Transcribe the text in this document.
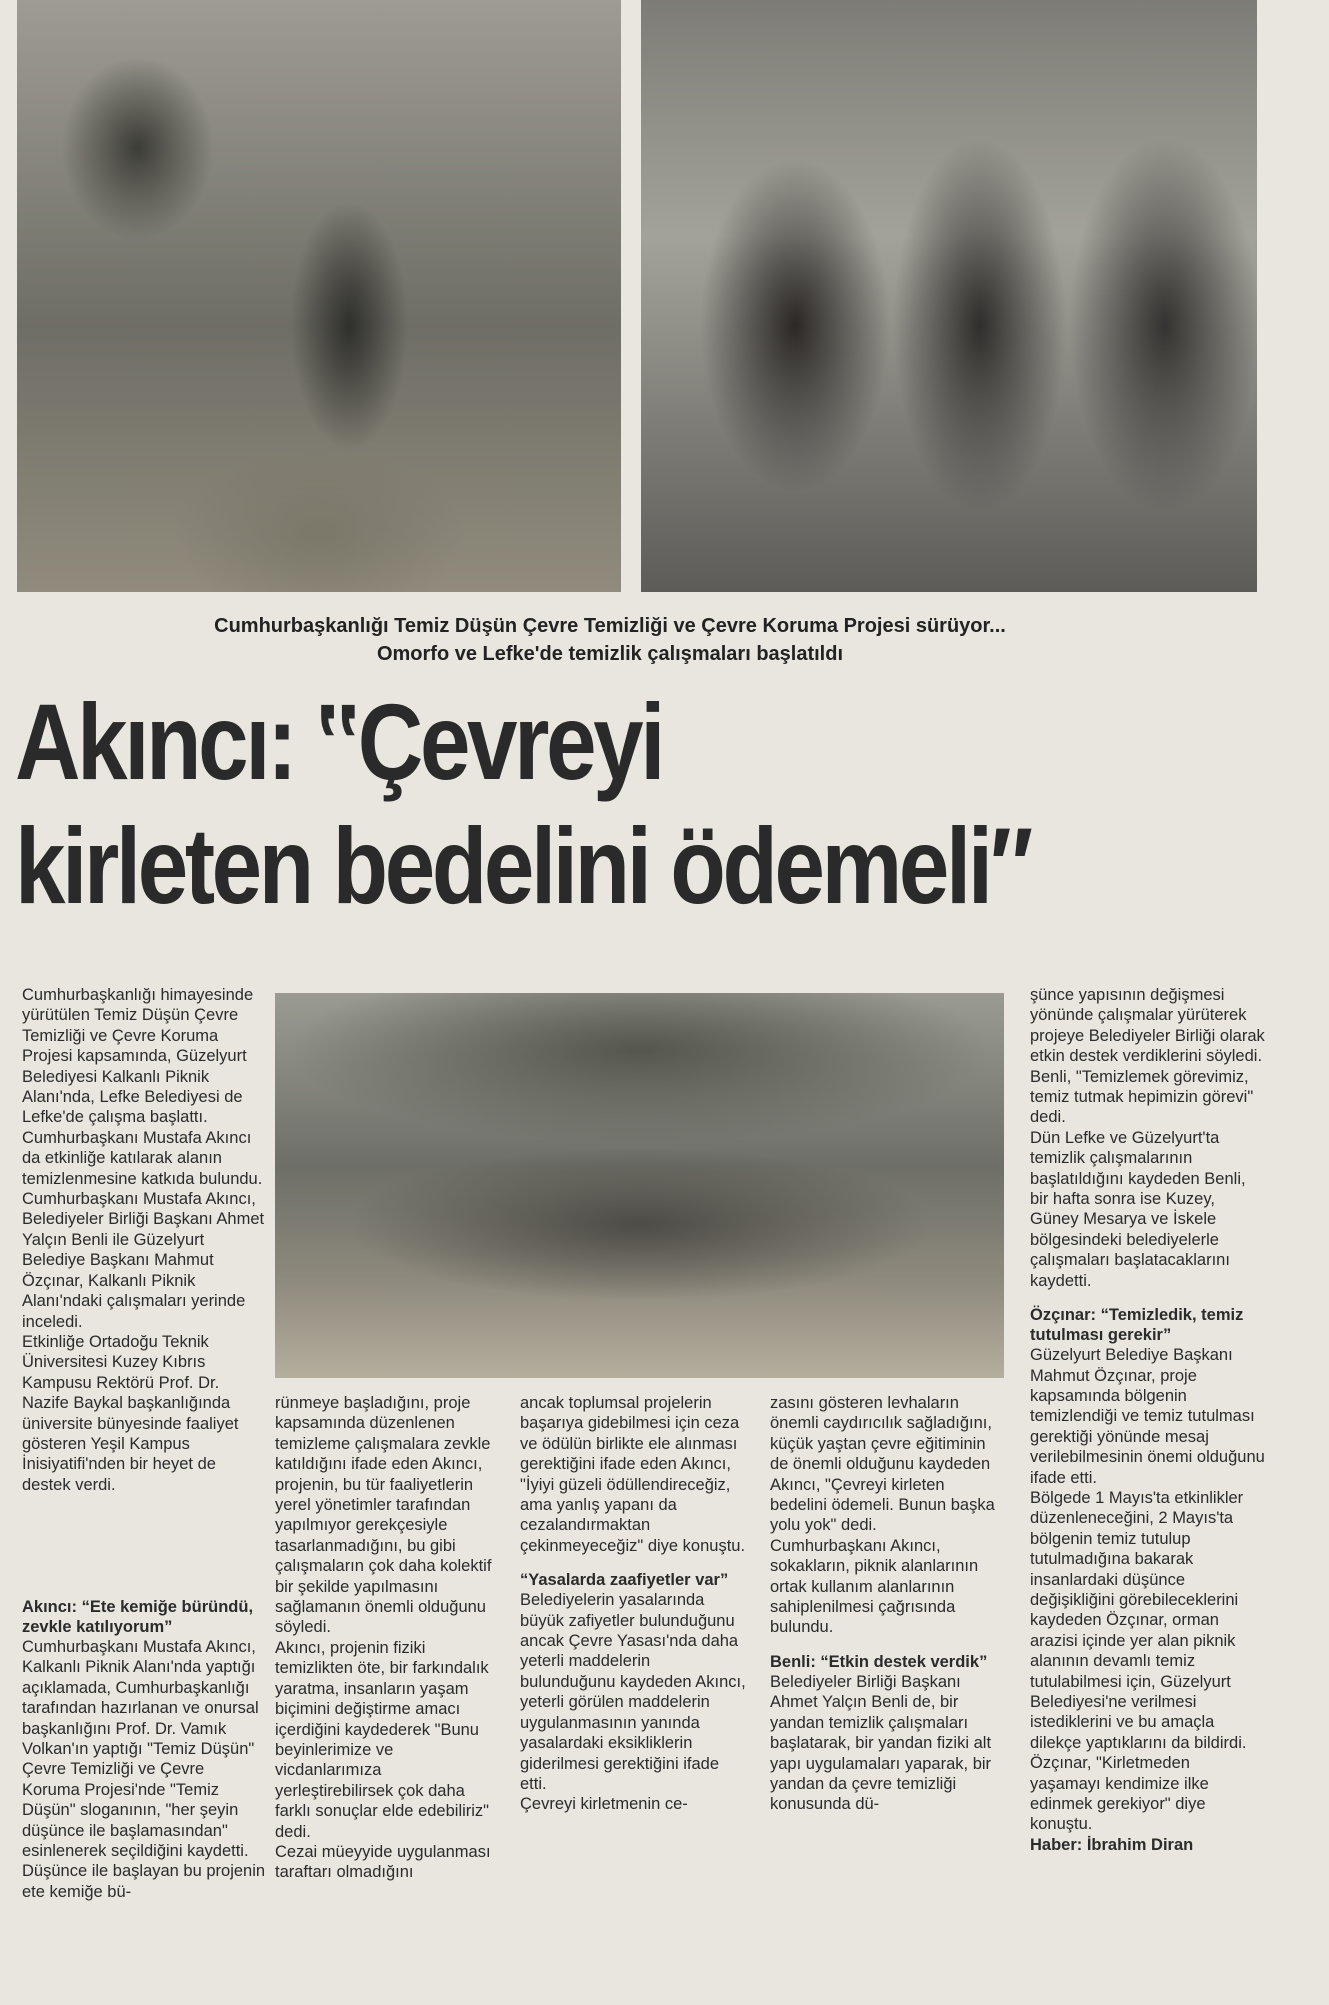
Cumhurbaşkanlığı Temiz Düşün Çevre Temizliği ve Çevre Koruma Projesi sürüyor... Omorfo ve Lefke'de temizlik çalışmaları başlatıldı
Akıncı: ‟Çevreyi
kirleten bedelini ödemeli″

Cumhurbaşkanlığı himayesinde yürütülen Temiz Düşün Çevre Temizliği ve Çevre Koruma Projesi kapsamında, Güzelyurt Belediyesi Kalkanlı Piknik Alanı'nda, Lefke Belediyesi de Lefke'de çalışma başlattı.

Cumhurbaşkanı Mustafa Akıncı da etkinliğe katılarak alanın temizlenmesine katkıda bulundu.

Cumhurbaşkanı Mustafa Akıncı, Belediyeler Birliği Başkanı Ahmet Yalçın Benli ile Güzelyurt Belediye Başkanı Mahmut Özçınar, Kalkanlı Piknik Alanı'ndaki çalışmaları yerinde inceledi.

Etkinliğe Ortadoğu Teknik Üniversitesi Kuzey Kıbrıs Kampusu Rektörü Prof. Dr. Nazife Baykal başkanlığında üniversite bünyesinde faaliyet gösteren Yeşil Kampus İnisiyatifi'nden bir heyet de destek verdi.

Akıncı: “Ete kemiğe büründü, zevkle katılıyorum”

Cumhurbaşkanı Mustafa Akıncı, Kalkanlı Piknik Alanı'nda yaptığı açıklamada, Cumhurbaşkanlığı tarafından hazırlanan ve onursal başkanlığını Prof. Dr. Vamık Volkan'ın yaptığı "Temiz Düşün" Çevre Temizliği ve Çevre Koruma Projesi'nde "Temiz Düşün" sloganının, "her şeyin düşünce ile başlamasından" esinlenerek seçildiğini kaydetti.

Düşünce ile başlayan bu projenin ete kemiğe bü-

rünmeye başladığını, proje kapsamında düzenlenen temizleme çalışmalara zevkle katıldığını ifade eden Akıncı, projenin, bu tür faaliyetlerin yerel yönetimler tarafından yapılmıyor gerekçesiyle tasarlanmadığını, bu gibi çalışmaların çok daha kolektif bir şekilde yapılmasını sağlamanın önemli olduğunu söyledi.

Akıncı, projenin fiziki temizlikten öte, bir farkındalık yaratma, insanların yaşam biçimini değiştirme amacı içerdiğini kaydederek "Bunu beyinlerimize ve vicdanlarımıza yerleştirebilirsek çok daha farklı sonuçlar elde edebiliriz" dedi.

Cezai müeyyide uygulanması taraftarı olmadığını

ancak toplumsal projelerin başarıya gidebilmesi için ceza ve ödülün birlikte ele alınması gerektiğini ifade eden Akıncı, "İyiyi güzeli ödüllendireceğiz, ama yanlış yapanı da cezalandırmaktan çekinmeyeceğiz" diye konuştu.

“Yasalarda zaafiyetler var”

Belediyelerin yasalarında büyük zafiyetler bulunduğunu ancak Çevre Yasası'nda daha yeterli maddelerin bulunduğunu kaydeden Akıncı, yeterli görülen maddelerin uygulanmasının yanında yasalardaki eksikliklerin giderilmesi gerektiğini ifade etti.

Çevreyi kirletmenin ce-

zasını gösteren levhaların önemli caydırıcılık sağladığını, küçük yaştan çevre eğitiminin de önemli olduğunu kaydeden Akıncı, "Çevreyi kirleten bedelini ödemeli. Bunun başka yolu yok" dedi.

Cumhurbaşkanı Akıncı, sokakların, piknik alanlarının ortak kullanım alanlarının sahiplenilmesi çağrısında bulundu.

Benli: “Etkin destek verdik”

Belediyeler Birliği Başkanı Ahmet Yalçın Benli de, bir yandan temizlik çalışmaları başlatarak, bir yandan fiziki alt yapı uygulamaları yaparak, bir yandan da çevre temizliği konusunda dü-

şünce yapısının değişmesi yönünde çalışmalar yürüterek projeye Belediyeler Birliği olarak etkin destek verdiklerini söyledi.

Benli, "Temizlemek görevimiz, temiz tutmak hepimizin görevi" dedi.

Dün Lefke ve Güzelyurt'ta temizlik çalışmalarının başlatıldığını kaydeden Benli, bir hafta sonra ise Kuzey, Güney Mesarya ve İskele bölgesindeki belediyelerle çalışmaları başlatacaklarını kaydetti.

Özçınar: “Temizledik, temiz tutulması gerekir”

Güzelyurt Belediye Başkanı Mahmut Özçınar, proje kapsamında bölgenin temizlendiği ve temiz tutulması gerektiği yönünde mesaj verilebilmesinin önemi olduğunu ifade etti.

Bölgede 1 Mayıs'ta etkinlikler düzenleneceğini, 2 Mayıs'ta bölgenin temiz tutulup tutulmadığına bakarak insanlardaki düşünce değişikliğini görebileceklerini kaydeden Özçınar, orman arazisi içinde yer alan piknik alanının devamlı temiz tutulabilmesi için, Güzelyurt Belediyesi'ne verilmesi istediklerini ve bu amaçla dilekçe yaptıklarını da bildirdi.

Özçınar, "Kirletmeden yaşamayı kendimize ilke edinmek gerekiyor" diye konuştu.

Haber: İbrahim Diran
